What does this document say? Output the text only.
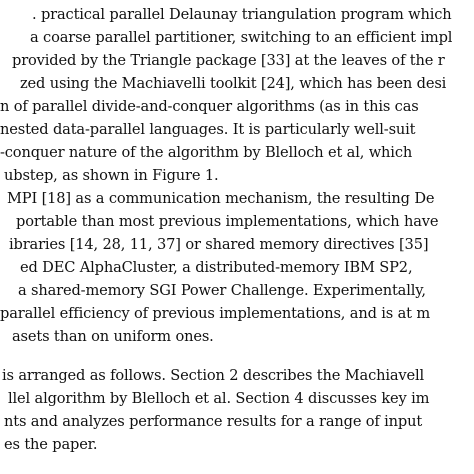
. practical parallel Delaunay triangulation program which
a coarse parallel partitioner, switching to an efficient impl
provided by the Triangle package [33] at the leaves of the r
zed using the Machiavelli toolkit [24], which has been desi
n of parallel divide-and-conquer algorithms (as in this cas
nested data-parallel languages. It is particularly well-suit
-conquer nature of the algorithm by Blelloch et al, which
ubstep, as shown in Figure 1.
MPI [18] as a communication mechanism, the resulting De
portable than most previous implementations, which have
ibraries [14, 28, 11, 37] or shared memory directives [35]
ed DEC AlphaCluster, a distributed-memory IBM SP2,
a shared-memory SGI Power Challenge. Experimentally,
parallel efficiency of previous implementations, and is at m
asets than on uniform ones.
is arranged as follows. Section 2 describes the Machiavell
llel algorithm by Blelloch et al. Section 4 discusses key im
nts and analyzes performance results for a range of input
es the paper.
